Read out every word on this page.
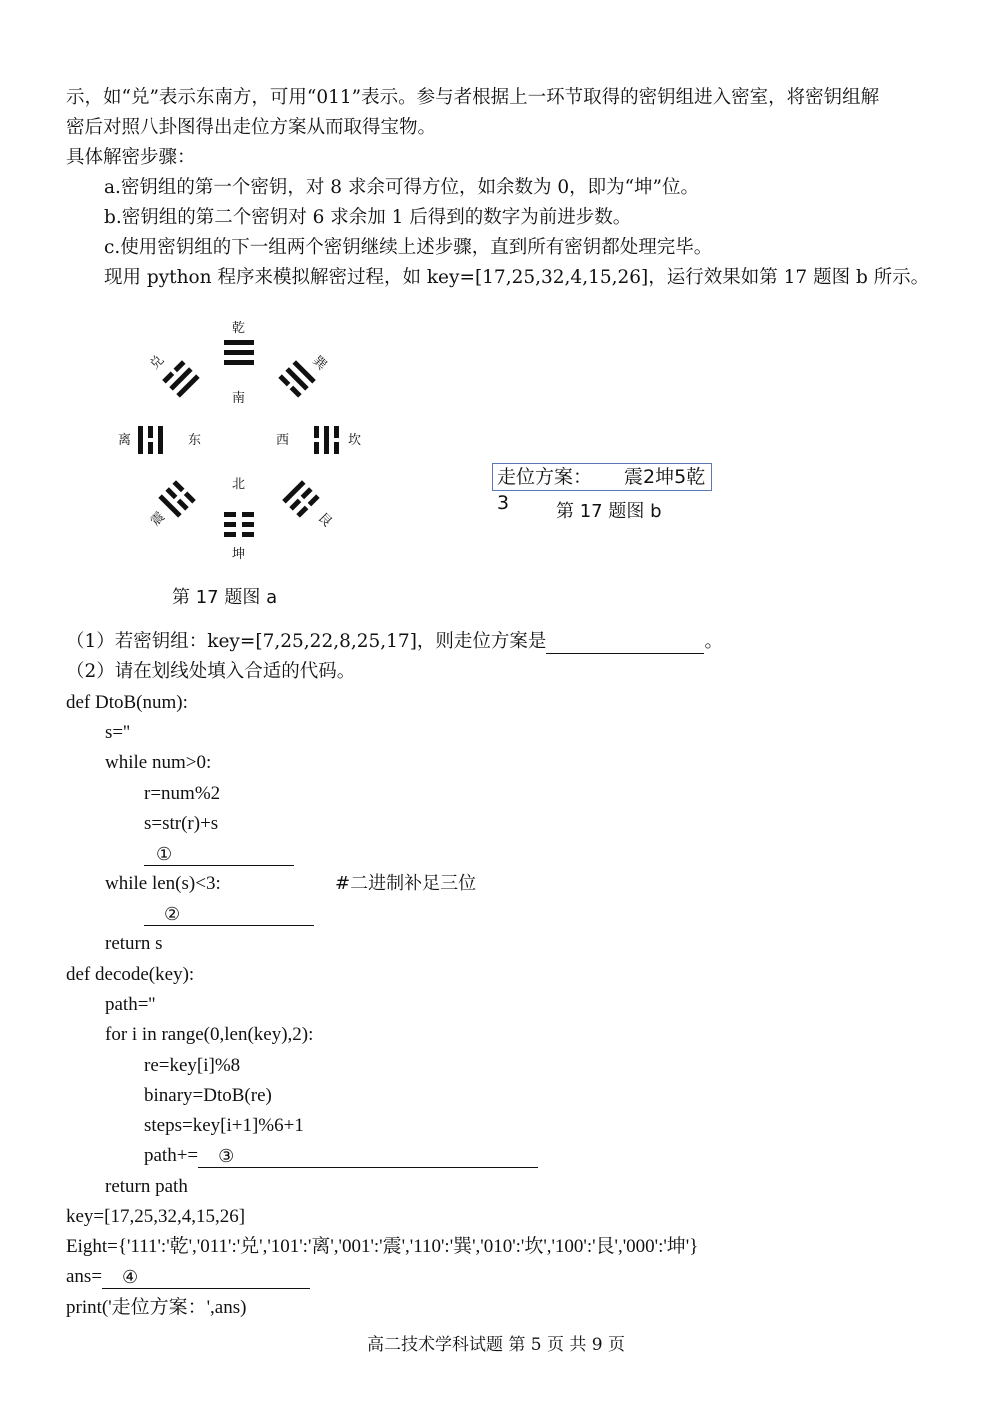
示，如“兑”表示东南方，可用“011”表示。参与者根据上一环节取得的密钥组进入密室，将密钥组解
密后对照八卦图得出走位方案从而取得宝物。
具体解密步骤：
a.密钥组的第一个密钥，对 8 求余可得方位，如余数为 0，即为“坤”位。
b.密钥组的第二个密钥对 6 求余加 1 后得到的数字为前进步数。
c.使用密钥组的下一组两个密钥继续上述步骤，直到所有密钥都处理完毕。
现用 python 程序来模拟解密过程，如 key=[17,25,32,4,15,26]，运行效果如第 17 题图 b 所示。
乾
南
兑	巽
离	东	西	坎
震	艮
北
坤
第 17 题图 a
走位方案： 震2坤5乾3	第 17 题图 b
（1）若密钥组：key=[7,25,22,8,25,17]，则走位方案是	。
（2）请在划线处填入合适的代码。
def DtoB(num):
s=''
while num>0:
r=num%2
s=str(r)+s
①
while len(s)<3:	#二进制补足三位
②
return s
def decode(key):
path=''
for i in range(0,len(key),2):
re=key[i]%8
binary=DtoB(re)
steps=key[i+1]%6+1
path+= ③
return path
key=[17,25,32,4,15,26]
Eight={'111':'乾','011':'兑','101':'离','001':'震','110':'巽','010':'坎','100':'艮','000':'坤'}
ans= ④
print('走位方案：',ans)
高二技术学科试题 第 5 页 共 9 页
